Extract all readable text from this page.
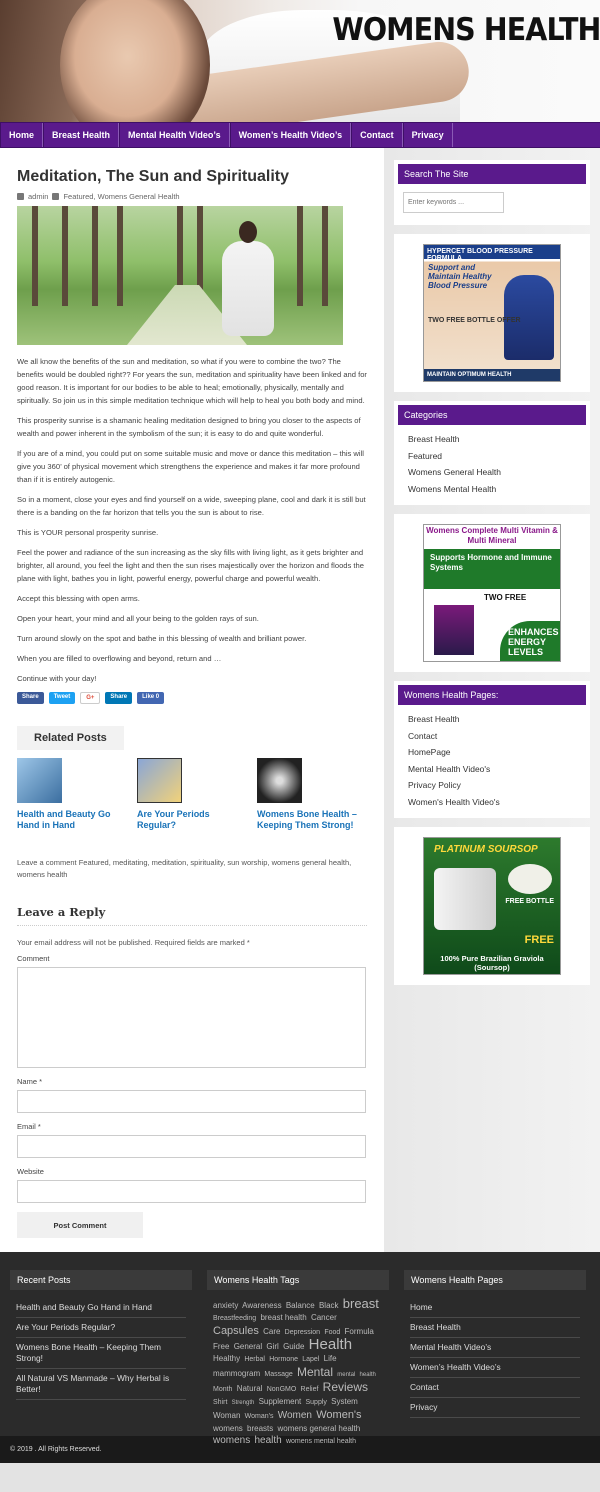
WOMENS HEALTH
Home	Breast Health	Mental Health Video’s	Women’s Health Video’s	Contact	Privacy
Meditation, The Sun and Spirituality
admin Featured, Womens General Health

We all know the benefits of the sun and meditation, so what if you were to combine the two? The benefits would be doubled right?? For years the sun, meditation and spirituality have been linked and for good reason. It is important for our bodies to be able to heal; emotionally, physically, mentally and spiritually. So join us in this simple meditation technique which will help to heal you both body and mind.

This prosperity sunrise is a shamanic healing meditation designed to bring you closer to the aspects of wealth and power inherent in the symbolism of the sun; it is easy to do and quite wonderful.

If you are of a mind, you could put on some suitable music and move or dance this meditation – this will give you 360’ of physical movement which strengthens the experience and makes it far more profound than if it is entirely autogenic.

So in a moment, close your eyes and find yourself on a wide, sweeping plane, cool and dark it is still but there is a banding on the far horizon that tells you the sun is about to rise.

This is YOUR personal prosperity sunrise.

Feel the power and radiance of the sun increasing as the sky fills with living light, as it gets brighter and brighter, all around, you feel the light and then the sun rises majestically over the horizon and floods the plane with light, bathes you in light, powerful energy, powerful charge and powerful wealth.

Accept this blessing with open arms.

Open your heart, your mind and all your being to the golden rays of sun.

Turn around slowly on the spot and bathe in this blessing of wealth and brilliant power.

When you are filled to overflowing and beyond, return and …

Continue with your day!

Share	Tweet	G+	Share	Like 0
Related Posts
Health and Beauty Go Hand in Hand
Are Your Periods Regular?
Womens Bone Health – Keeping Them Strong!
Leave a comment Featured, meditating, meditation, spirituality, sun worship, womens general health, womens health
Leave a Reply
Your email address will not be published. Required fields are marked *
Comment
Name *
Email *
Website
Post Comment
Search The Site
Enter keywords ...
HYPERCET BLOOD PRESSURE FORMULA
Support and Maintain Healthy Blood Pressure
TWO FREE BOTTLE OFFER
MAINTAIN OPTIMUM HEALTH
Categories
Breast Health
Featured
Womens General Health
Womens Mental Health
Womens Complete Multi Vitamin & Multi Mineral
Supports Hormone and Immune Systems
TWO FREE
ENHANCES ENERGY LEVELS
Womens Health Pages:
Breast Health
Contact
HomePage
Mental Health Video's
Privacy Policy
Women's Health Video's
PLATINUM SOURSOP
FREE BOTTLE
FREE
100% Pure Brazilian Graviola (Soursop)
Recent Posts
Health and Beauty Go Hand in Hand
Are Your Periods Regular?
Womens Bone Health – Keeping Them Strong!
All Natural VS Manmade – Why Herbal is Better!
Womens Health Tags
anxiety Awareness Balance Black breast Breastfeeding breast health Cancer Capsules Care Depression Food Formula Free General Girl Guide Health Healthy Herbal Hormone Lapel Life mammogram Massage Mental mental health Month Natural NonGMO Relief Reviews Shirt Strength Supplement Supply System Woman Woman's Women Women's womens breasts womens general health womens health womens mental health
Womens Health Pages
Home
Breast Health
Mental Health Video’s
Women’s Health Video’s
Contact
Privacy
© 2019 . All Rights Reserved.
